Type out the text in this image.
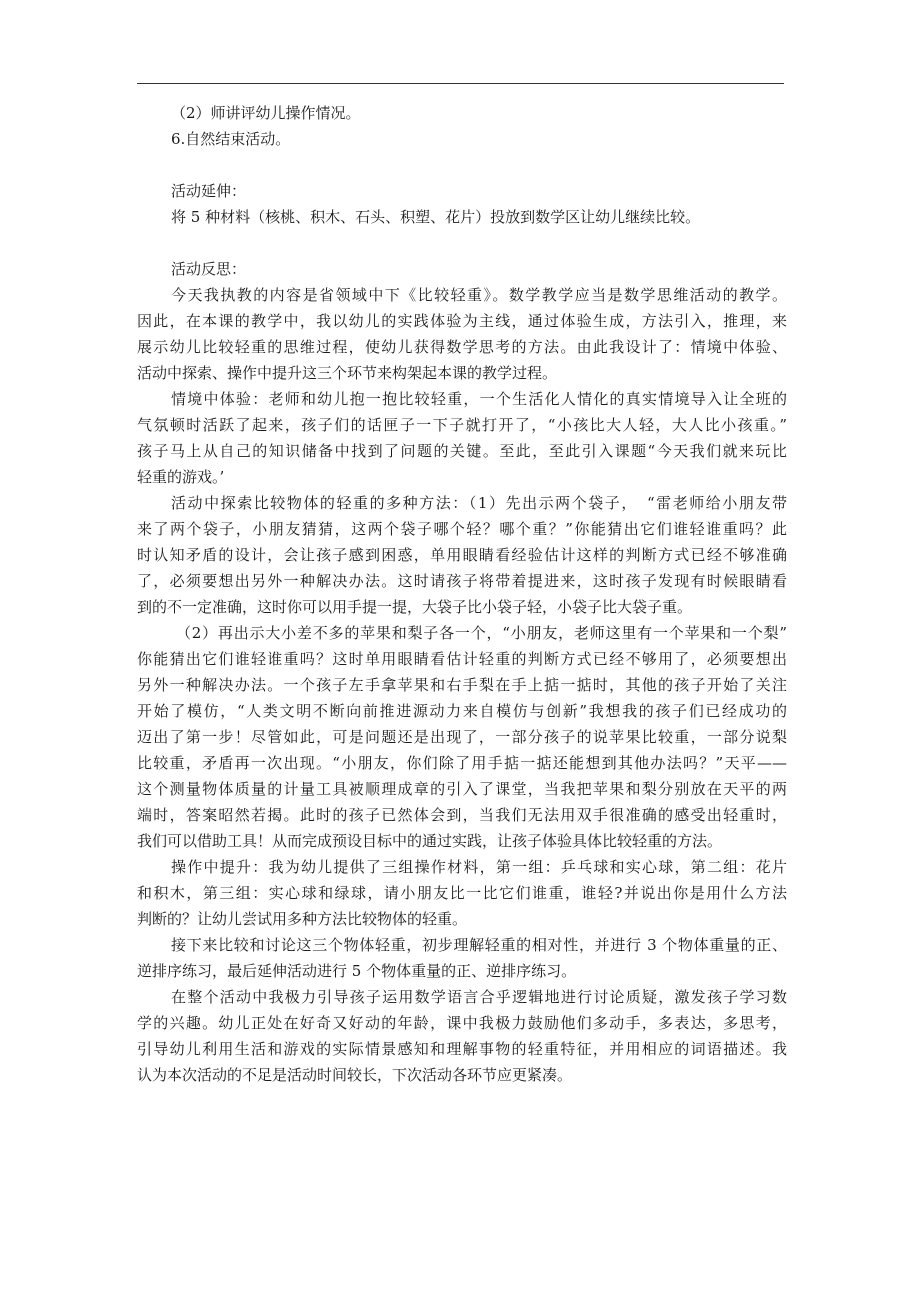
（2）师讲评幼儿操作情况。
6.自然结束活动。
活动延伸：
将 5 种材料（核桃、积木、石头、积塑、花片）投放到数学区让幼儿继续比较。
活动反思：
今天我执教的内容是省领域中下《比较轻重》。数学教学应当是数学思维活动的教学。
因此，在本课的教学中，我以幼儿的实践体验为主线，通过体验生成，方法引入，推理，来
展示幼儿比较轻重的思维过程，使幼儿获得数学思考的方法。由此我设计了：情境中体验、
活动中探索、操作中提升这三个环节来构架起本课的教学过程。
情境中体验：老师和幼儿抱一抱比较轻重，一个生活化人情化的真实情境导入让全班的
气氛顿时活跃了起来，孩子们的话匣子一下子就打开了，“小孩比大人轻，大人比小孩重。”
孩子马上从自己的知识储备中找到了问题的关键。至此，至此引入课题“今天我们就来玩比
轻重的游戏。’
活动中探索比较物体的轻重的多种方法：（1）先出示两个袋子，　“雷老师给小朋友带
来了两个袋子，小朋友猜猜，这两个袋子哪个轻？哪个重？”你能猜出它们谁轻谁重吗？此
时认知矛盾的设计，会让孩子感到困惑，单用眼睛看经验估计这样的判断方式已经不够准确
了，必须要想出另外一种解决办法。这时请孩子将带着提进来，这时孩子发现有时候眼睛看
到的不一定准确，这时你可以用手提一提，大袋子比小袋子轻，小袋子比大袋子重。
（2）再出示大小差不多的苹果和梨子各一个，“小朋友，老师这里有一个苹果和一个梨”
你能猜出它们谁轻谁重吗？这时单用眼睛看估计轻重的判断方式已经不够用了，必须要想出
另外一种解决办法。一个孩子左手拿苹果和右手梨在手上掂一掂时，其他的孩子开始了关注
开始了模仿，“人类文明不断向前推进源动力来自模仿与创新”我想我的孩子们已经成功的
迈出了第一步！尽管如此，可是问题还是出现了，一部分孩子的说苹果比较重，一部分说梨
比较重，矛盾再一次出现。“小朋友，你们除了用手掂一掂还能想到其他办法吗？”天平——
这个测量物体质量的计量工具被顺理成章的引入了课堂，当我把苹果和梨分别放在天平的两
端时，答案昭然若揭。此时的孩子已然体会到，当我们无法用双手很准确的感受出轻重时，
我们可以借助工具！从而完成预设目标中的通过实践，让孩子体验具体比较轻重的方法。
操作中提升：我为幼儿提供了三组操作材料，第一组：乒乓球和实心球，第二组：花片
和积木，第三组：实心球和绿球，请小朋友比一比它们谁重，谁轻?并说出你是用什么方法
判断的？让幼儿尝试用多种方法比较物体的轻重。
接下来比较和讨论这三个物体轻重，初步理解轻重的相对性，并进行 3 个物体重量的正、
逆排序练习，最后延伸活动进行 5 个物体重量的正、逆排序练习。
在整个活动中我极力引导孩子运用数学语言合乎逻辑地进行讨论质疑，激发孩子学习数
学的兴趣。幼儿正处在好奇又好动的年龄，课中我极力鼓励他们多动手，多表达，多思考，
引导幼儿利用生活和游戏的实际情景感知和理解事物的轻重特征，并用相应的词语描述。我
认为本次活动的不足是活动时间较长，下次活动各环节应更紧凑。
